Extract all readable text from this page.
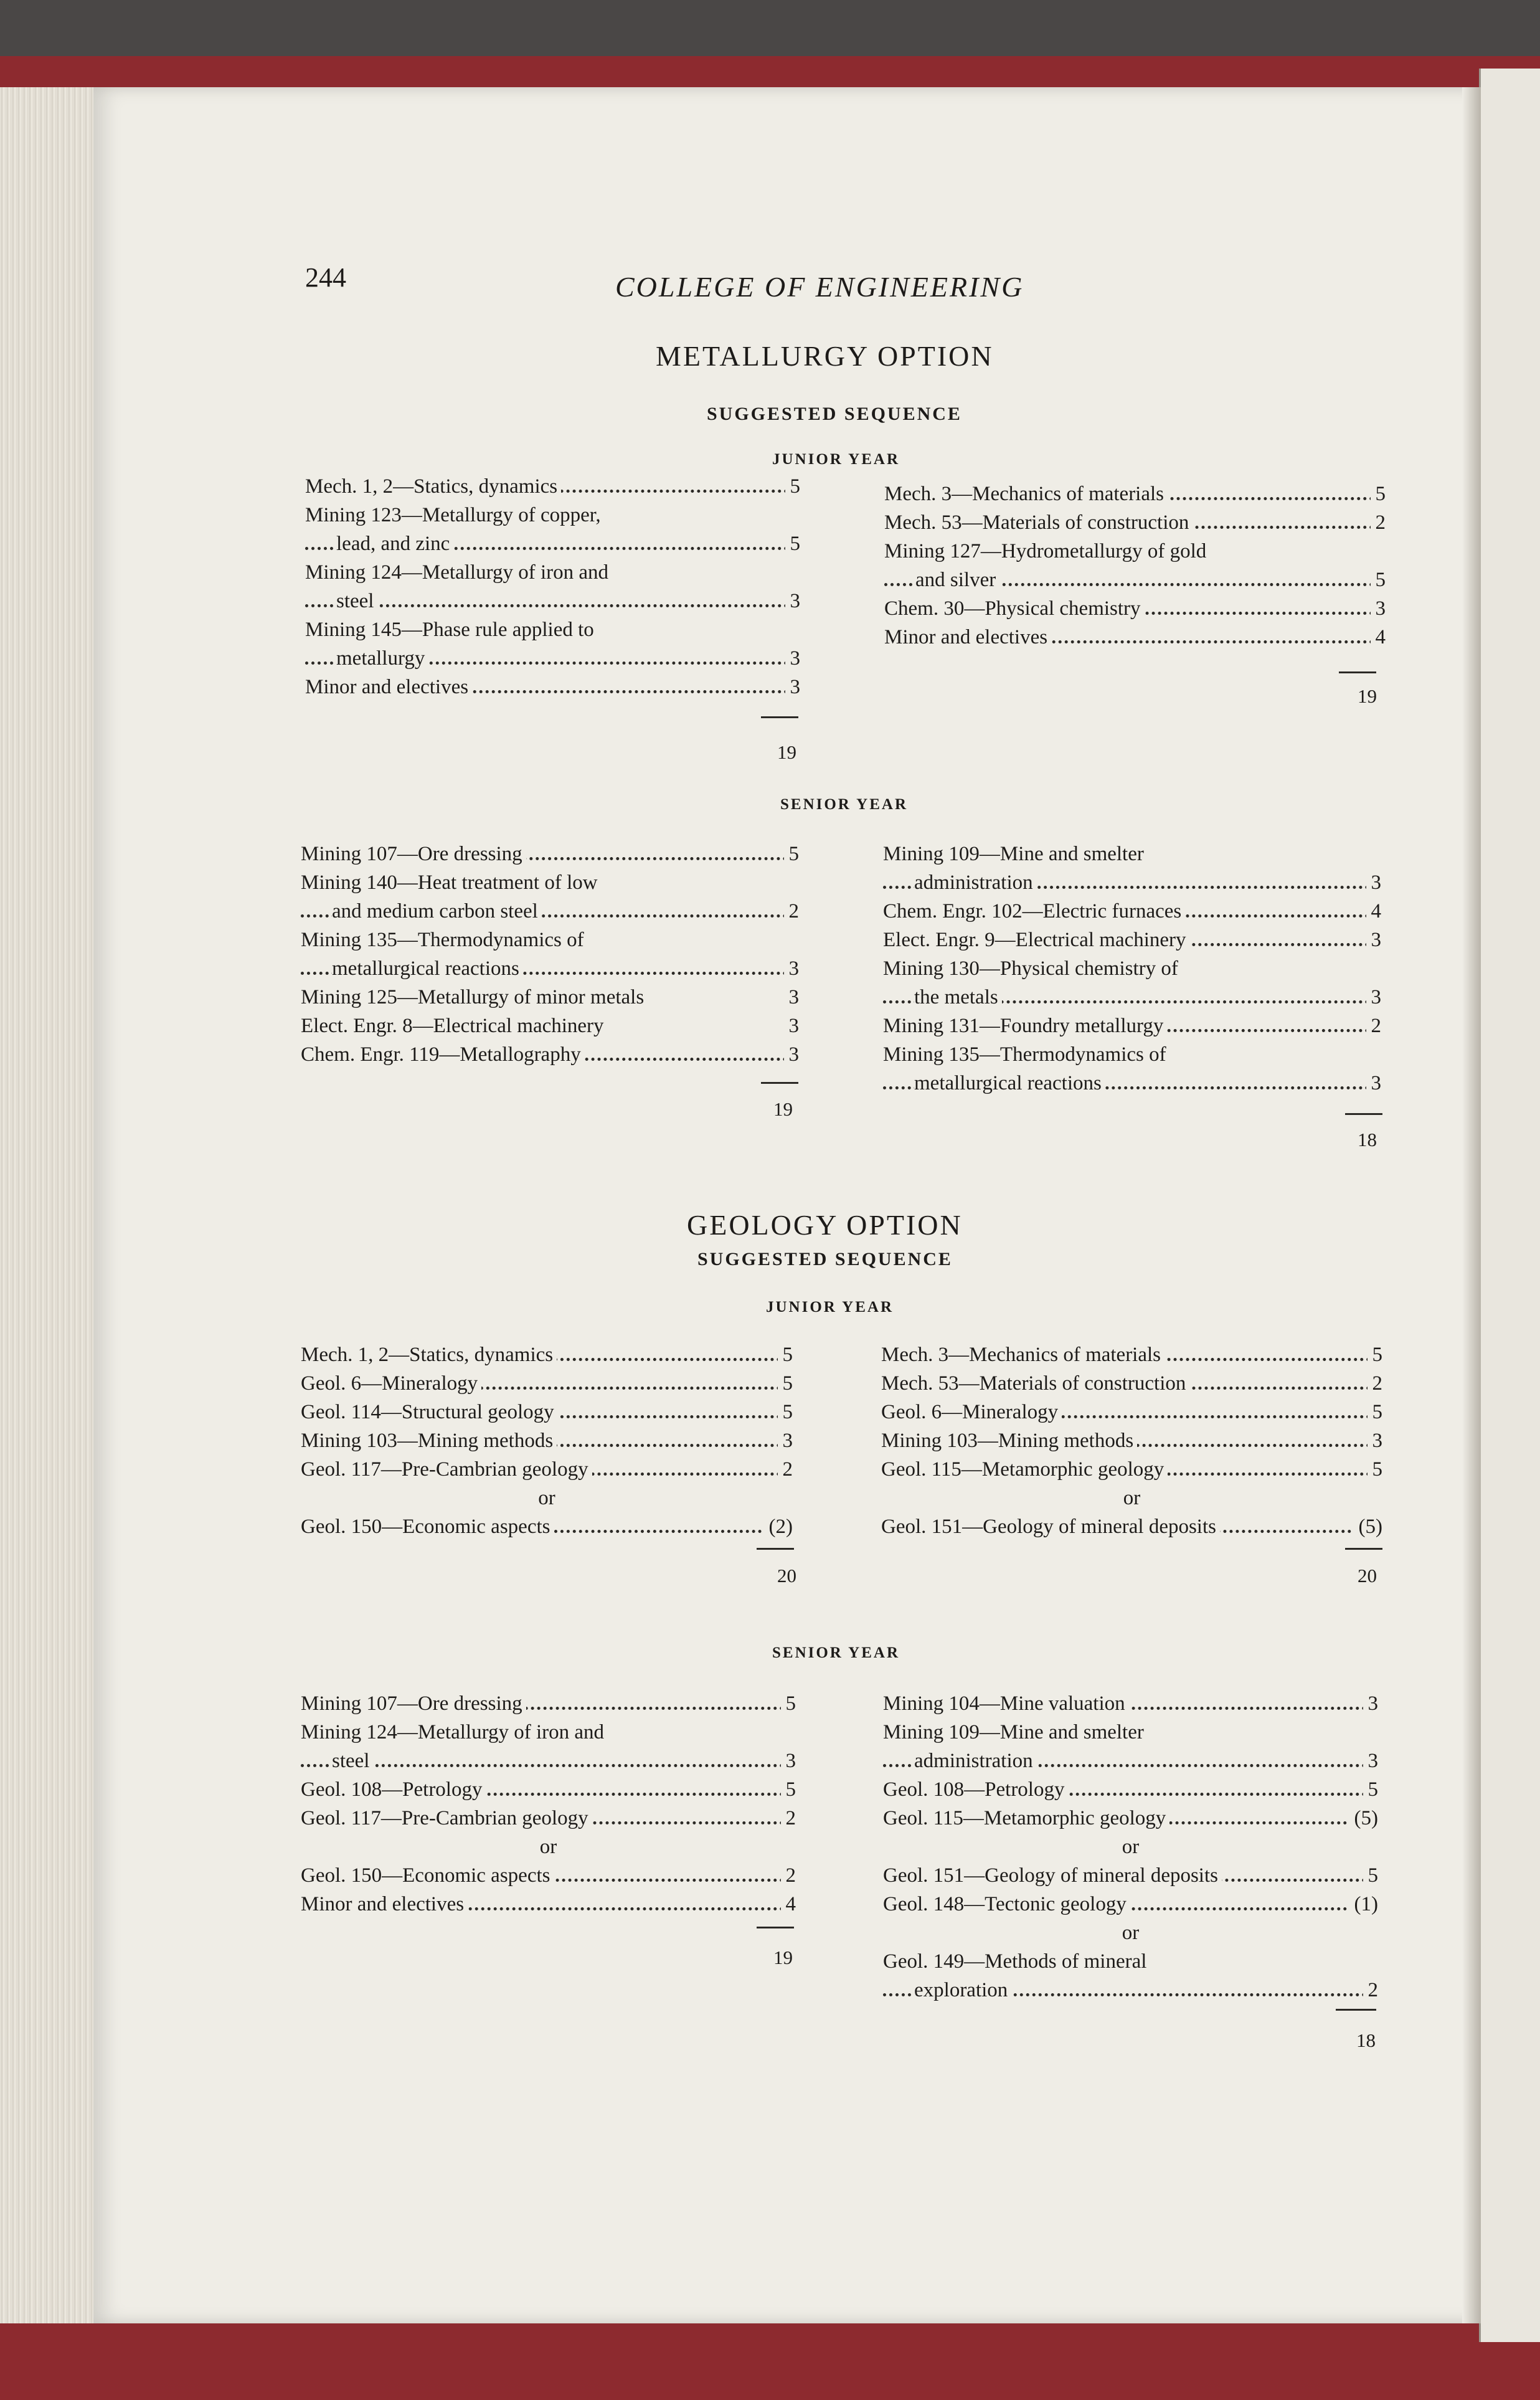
244	COLLEGE OF ENGINEERING
METALLURGY OPTION
SUGGESTED SEQUENCE
JUNIOR YEAR
Mech. 1, 2—Statics, dynamics	5
Mining 123—Metallurgy of copper,
lead, and zinc	5
Mining 124—Metallurgy of iron and
steel	3
Mining 145—Phase rule applied to
metallurgy	3
Minor and electives	3
19
Mech. 3—Mechanics of materials	5
Mech. 53—Materials of construction	2
Mining 127—Hydrometallurgy of gold
and silver	5
Chem. 30—Physical chemistry	3
Minor and electives	4
19
SENIOR YEAR
Mining 107—Ore dressing	5
Mining 140—Heat treatment of low
and medium carbon steel	2
Mining 135—Thermodynamics of
metallurgical reactions	3
Mining 125—Metallurgy of minor metals	3
Elect. Engr. 8—Electrical machinery	3
Chem. Engr. 119—Metallography	3
19
Mining 109—Mine and smelter
administration	3
Chem. Engr. 102—Electric furnaces	4
Elect. Engr. 9—Electrical machinery	3
Mining 130—Physical chemistry of
the metals	3
Mining 131—Foundry metallurgy	2
Mining 135—Thermodynamics of
metallurgical reactions	3
18
GEOLOGY OPTION
SUGGESTED SEQUENCE
JUNIOR YEAR
Mech. 1, 2—Statics, dynamics	5
Geol. 6—Mineralogy	5
Geol. 114—Structural geology	5
Mining 103—Mining methods	3
Geol. 117—Pre-Cambrian geology	2
or
Geol. 150—Economic aspects	(2)
20
Mech. 3—Mechanics of materials	5
Mech. 53—Materials of construction	2
Geol. 6—Mineralogy	5
Mining 103—Mining methods	3
Geol. 115—Metamorphic geology	5
or
Geol. 151—Geology of mineral deposits	(5)
20
SENIOR YEAR
Mining 107—Ore dressing	5
Mining 124—Metallurgy of iron and
steel	3
Geol. 108—Petrology	5
Geol. 117—Pre-Cambrian geology	2
or
Geol. 150—Economic aspects	2
Minor and electives	4
19
Mining 104—Mine valuation	3
Mining 109—Mine and smelter
administration	3
Geol. 108—Petrology	5
Geol. 115—Metamorphic geology	(5)
or
Geol. 151—Geology of mineral deposits	5
Geol. 148—Tectonic geology	(1)
or
Geol. 149—Methods of mineral
exploration	2
18
